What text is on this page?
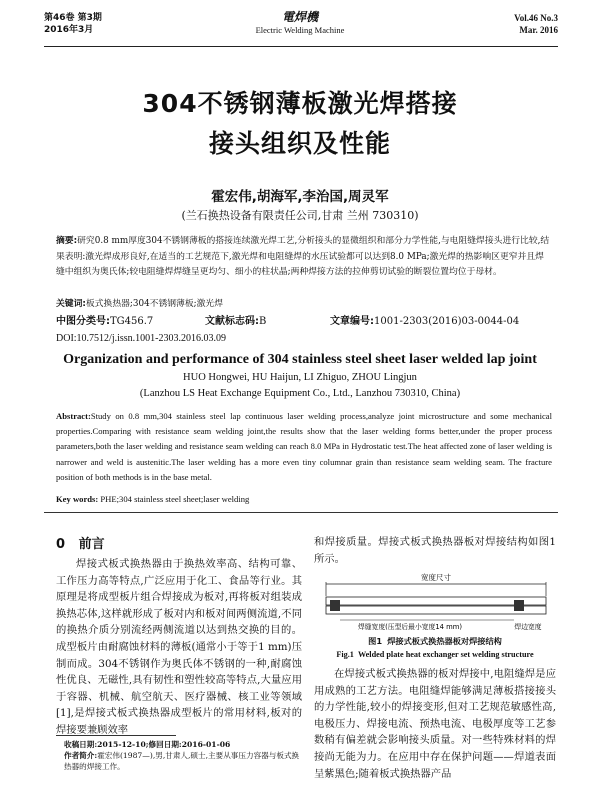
第46卷 第3期
2016年3月
電焊機
Electric Welding Machine
Vol.46 No.3
Mar. 2016
304不锈钢薄板激光焊搭接
接头组织及性能
霍宏伟,胡海军,李治国,周灵军
(兰石换热设备有限责任公司,甘肃 兰州 730310)
摘要:研究0.8 mm厚度304不锈钢薄板的搭接连续激光焊工艺,分析接头的显微组织和部分力学性能,与电阻缝焊接头进行比较,结果表明:激光焊成形良好,在适当的工艺规范下,激光焊和电阻缝焊的水压试验都可以达到8.0 MPa;激光焊的热影响区更窄并且焊缝中组织为奥氏体;较电阻缝焊焊缝呈更均匀、细小的柱状晶;两种焊接方法的拉伸剪切试验的断裂位置均位于母材。
关键词:板式换热器;304不锈钢薄板;激光焊
中图分类号:TG456.7	文献标志码:B	文章编号:1001-2303(2016)03-0044-04
DOI:10.7512/j.issn.1001-2303.2016.03.09
Organization and performance of 304 stainless steel sheet laser welded lap joint
HUO Hongwei, HU Haijun, LI Zhiguo, ZHOU Lingjun
(Lanzhou LS Heat Exchange Equipment Co., Ltd., Lanzhou 730310, China)
Abstract:Study on 0.8 mm,304 stainless steel lap continuous laser welding process,analyze joint microstructure and some mechanical properties.Comparing with resistance seam welding joint,the results show that the laser welding forms better,under the proper process parameters,both the laser welding and resistance seam welding can reach 8.0 MPa in Hydrostatic test.The heat affected zone of laser welding is narrower and weld is austenitic.The laser welding has a more even tiny columnar grain than resistance seam welding seam. The fracture position of both methods is in the base metal.
Key words: PHE;304 stainless steel sheet;laser welding
0 前言
焊接式板式换热器由于换热效率高、结构可靠、工作压力高等特点,广泛应用于化工、食品等行业。其原理是将成型板片组合焊接成为板对,再将板对组装成换热芯体,这样就形成了板对内和板对间两侧流道,不同的换热介质分别流经两侧流道以达到热交换的目的。成型板片由耐腐蚀材料的薄板(通常小于等于1 mm)压制而成。304不锈钢作为奥氏体不锈钢的一种,耐腐蚀性优良、无磁性,具有韧性和塑性较高等特点,大量应用于容器、机械、航空航天、医疗器械、核工业等领域[1],是焊接式板式换热器成型板片的常用材料,板对的焊接要兼顾效率
和焊接质量。焊接式板式换热器板对焊接结构如图1所示。
宽度尺寸
焊缝宽度(压型后最小宽度14 mm)	焊边宽度
图1 焊接式板式换热器板对焊接结构
Fig.1 Welded plate heat exchanger set welding structure
在焊接式板式换热器的板对焊接中,电阻缝焊是应用成熟的工艺方法。电阻缝焊能够满足薄板搭接接头的力学性能,较小的焊接变形,但对工艺规范敏感性高,电极压力、焊接电流、预热电流、电极厚度等工艺参数稍有偏差就会影响接头质量。对一些特殊材料的焊接尚无能为力。在应用中存在保护问题——焊道表面呈紫黑色;随着板式换热器产品
收稿日期:2015-12-10;修回日期:2016-01-06
作者简介:霍宏伟(1987—),男,甘肃人,硕士,主要从事压力容器与板式换热器的焊接工作。
